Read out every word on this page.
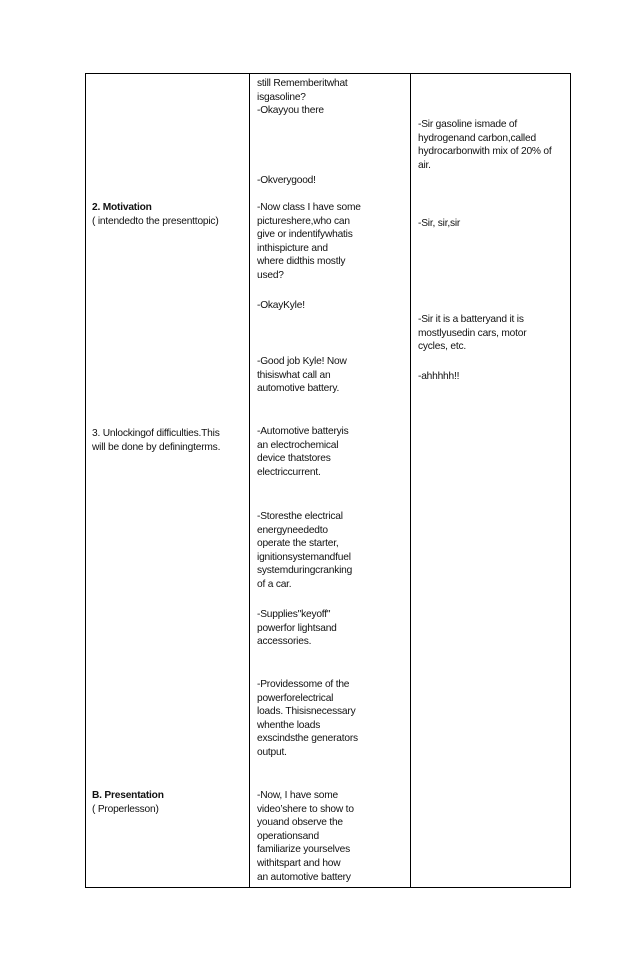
2. Motivation
( intendedto the presenttopic)
3. Unlockingof difficulties.This
will be done by definingterms.
B. Presentation
( Properlesson)
still Rememberitwhat
isgasoline?
-Okayyou there
-Okverygood!
-Now class I have some
pictureshere,who can
give or indentifywhatis
inthispicture and
where didthis mostly
used?
-OkayKyle!
-Good job Kyle! Now
thisiswhat call an
automotive battery.
-Automotive batteryis
an electrochemical
device thatstores
electriccurrent.
-Storesthe electrical
energyneededto
operate the starter,
ignitionsystemandfuel
systemduringcranking
of a car.
-Supplies"keyoff"
powerfor lightsand
accessories.
-Providessome of the
powerforelectrical
loads. Thisisnecessary
whenthe loads
exscindsthe generators
output.
-Now, I have some
video’shere to show to
youand observe the
operationsand
familiarize yourselves
withitspart and how
an automotive battery
-Sir gasoline ismade of
hydrogenand carbon,called
hydrocarbonwith mix of 20% of
air.
-Sir, sir,sir
-Sir it is a batteryand it is
mostlyusedin cars, motor
cycles, etc.
-ahhhhh!!
